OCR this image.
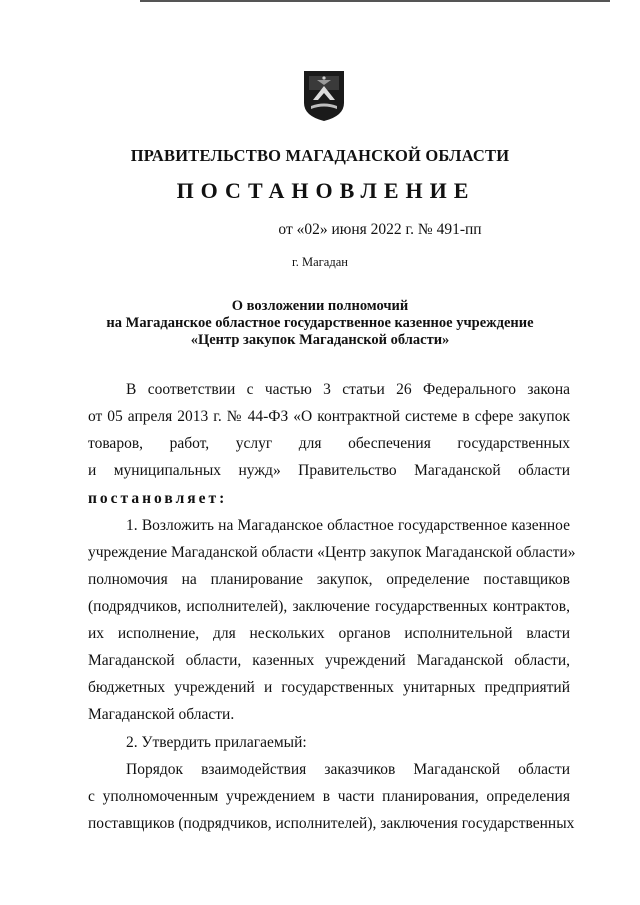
ПРАВИТЕЛЬСТВО МАГАДАНСКОЙ ОБЛАСТИ
ПОСТАНОВЛЕНИЕ
от «02» июня 2022 г. № 491-пп
г. Магадан
О возложении полномочий
на Магаданское областное государственное казенное учреждение
«Центр закупок Магаданской области»
В соответствии с частью 3 статьи 26 Федерального закона
от 05 апреля 2013 г. № 44-ФЗ «О контрактной системе в сфере закупок
товаров, работ, услуг для обеспечения государственных
и муниципальных нужд» Правительство Магаданской области
постановляет:
1. Возложить на Магаданское областное государственное казенное
учреждение Магаданской области «Центр закупок Магаданской области»
полномочия на планирование закупок, определение поставщиков
(подрядчиков, исполнителей), заключение государственных контрактов,
их исполнение, для нескольких органов исполнительной власти
Магаданской области, казенных учреждений Магаданской области,
бюджетных учреждений и государственных унитарных предприятий
Магаданской области.
2. Утвердить прилагаемый:
Порядок взаимодействия заказчиков Магаданской области
с уполномоченным учреждением в части планирования, определения
поставщиков (подрядчиков, исполнителей), заключения государственных
